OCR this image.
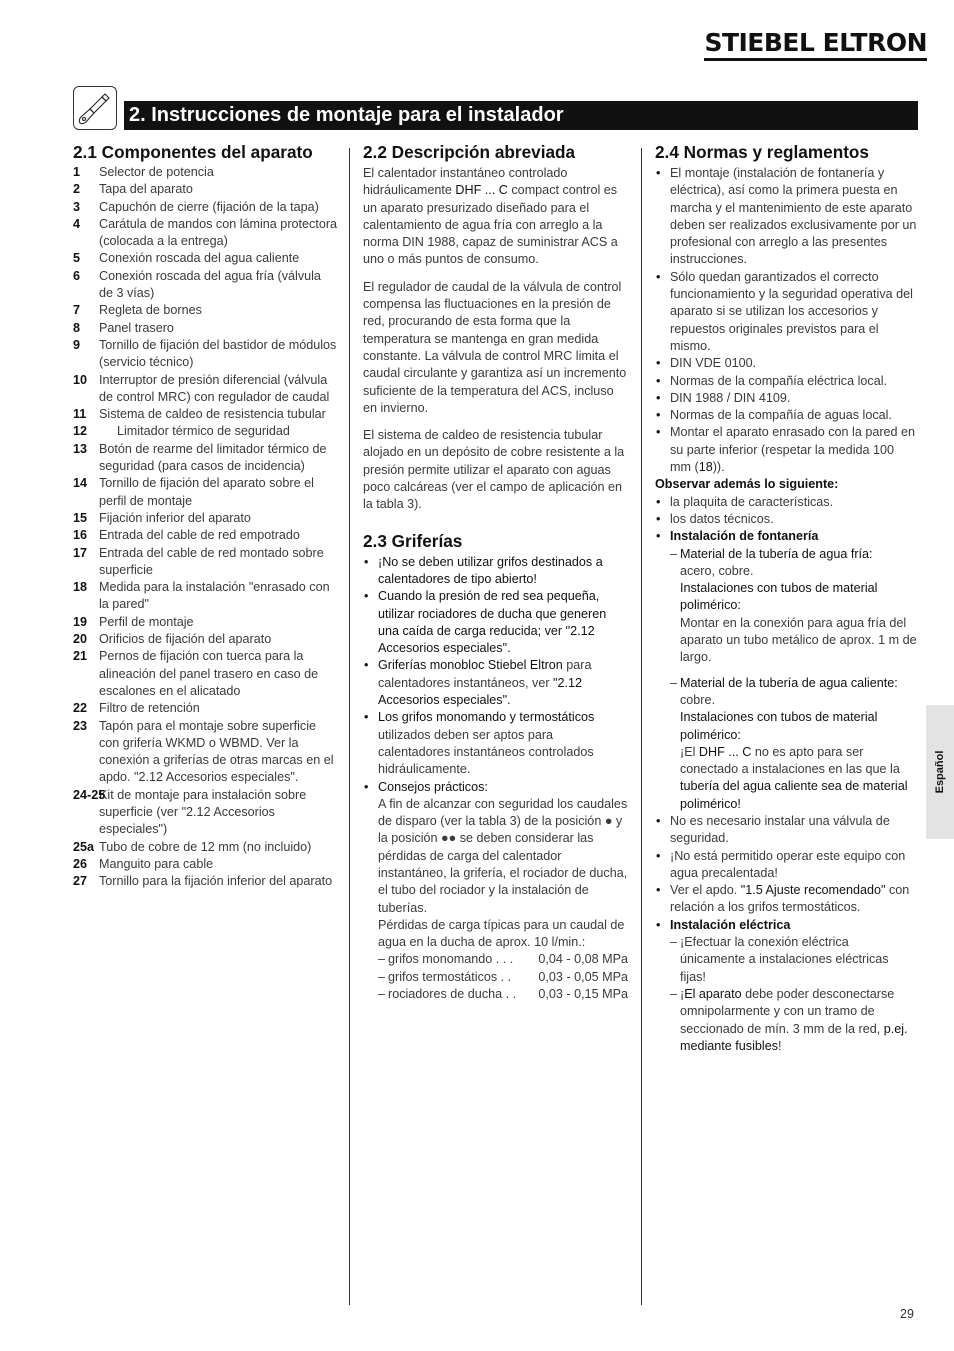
STIEBEL ELTRON
2. Instrucciones de montaje para el instalador
2.1 Componentes del aparato
1 Selector de potencia
2 Tapa del aparato
3 Capuchón de cierre (fijación de la tapa)
4 Carátula de mandos con lámina protectora (colocada a la entrega)
5 Conexión roscada del agua caliente
6 Conexión roscada del agua fría (válvula de 3 vías)
7 Regleta de bornes
8 Panel trasero
9 Tornillo de fijación del bastidor de módulos (servicio técnico)
10 Interruptor de presión diferencial (válvula de control MRC) con regulador de caudal
11 Sistema de caldeo de resistencia tubular
12 Limitador térmico de seguridad
13 Botón de rearme del limitador térmico de seguridad (para casos de incidencia)
14 Tornillo de fijación del aparato sobre el perfil de montaje
15 Fijación inferior del aparato
16 Entrada del cable de red empotrado
17 Entrada del cable de red montado sobre superficie
18 Medida para la instalación "enrasado con la pared"
19 Perfil de montaje
20 Orificios de fijación del aparato
21 Pernos de fijación con tuerca para la alineación del panel trasero en caso de escalones en el alicatado
22 Filtro de retención
23 Tapón para el montaje sobre superficie con grifería WKMD o WBMD. Ver la conexión a griferías de otras marcas en el apdo. "2.12 Accesorios especiales".
24-25
Kit de montaje para instalación sobre superficie (ver "2.12 Accesorios especiales")
25a Tubo de cobre de 12 mm (no incluido)
26 Manguito para cable
27 Tornillo para la fijación inferior del aparato
2.2 Descripción abreviada

El calentador instantáneo controlado hidráulicamente DHF ... C compact control es un aparato presurizado diseñado para el calentamiento de agua fría con arreglo a la norma DIN 1988, capaz de suministrar ACS a uno o más puntos de consumo.

El regulador de caudal de la válvula de control compensa las fluctuaciones en la presión de red, procurando de esta forma que la temperatura se mantenga en gran medida constante. La válvula de control MRC limita el caudal circulante y garantiza así un incremento suficiente de la temperatura del ACS, incluso en invierno.

El sistema de caldeo de resistencia tubular alojado en un depósito de cobre resistente a la presión permite utilizar el aparato con aguas poco calcáreas (ver el campo de aplicación en la tabla 3).

2.3 Griferías
• ¡No se deben utilizar grifos destinados a calentadores de tipo abierto!
• Cuando la presión de red sea pequeña, utilizar rociadores de ducha que generen una caída de carga reducida; ver "2.12 Accesorios especiales".
• Griferías monobloc Stiebel Eltron para calentadores instantáneos, ver "2.12 Accesorios especiales".
• Los grifos monomando y termostáticos utilizados deben ser aptos para calentadores instantáneos controlados hidráulicamente.
• Consejos prácticos:
A fin de alcanzar con seguridad los caudales de disparo (ver la tabla 3) de la posición ● y la posición ●● se deben considerar las pérdidas de carga del calentador instantáneo, la grifería, el rociador de ducha, el tubo del rociador y la instalación de tuberías.
Pérdidas de carga típicas para un caudal de agua en la ducha de aprox. 10 l/min.:
– grifos monomando . . . 0,04 - 0,08 MPa
– grifos termostáticos . . 0,03 - 0,05 MPa
– rociadores de ducha . . 0,03 - 0,15 MPa
2.4 Normas y reglamentos
• El montaje (instalación de fontanería y eléctrica), así como la primera puesta en marcha y el mantenimiento de este aparato deben ser realizados exclusivamente por un profesional con arreglo a las presentes instrucciones.
• Sólo quedan garantizados el correcto funcionamiento y la seguridad operativa del aparato si se utilizan los accesorios y repuestos originales previstos para el mismo.
• DIN VDE 0100.
• Normas de la compañía eléctrica local.
• DIN 1988 / DIN 4109.
• Normas de la compañía de aguas local.
• Montar el aparato enrasado con la pared en su parte inferior (respetar la medida 100 mm (18)).
Observar además lo siguiente:
• la plaquita de características.
• los datos técnicos.
• Instalación de fontanería
– Material de la tubería de agua fría:
acero, cobre.
Instalaciones con tubos de material polimérico:
Montar en la conexión para agua fría del aparato un tubo metálico de aprox. 1 m de largo.
– Material de la tubería de agua caliente:
cobre.
Instalaciones con tubos de material polimérico:
¡El DHF ... C no es apto para ser conectado a instalaciones en las que la tubería del agua caliente sea de material polimérico!
• No es necesario instalar una válvula de seguridad.
• ¡No está permitido operar este equipo con agua precalentada!
• Ver el apdo. "1.5 Ajuste recomendado" con relación a los grifos termostáticos.
• Instalación eléctrica
– ¡Efectuar la conexión eléctrica únicamente a instalaciones eléctricas fijas!
– ¡El aparato debe poder desconectarse omnipolarmente y con un tramo de seccionado de mín. 3 mm de la red, p.ej. mediante fusibles!
Español
29
